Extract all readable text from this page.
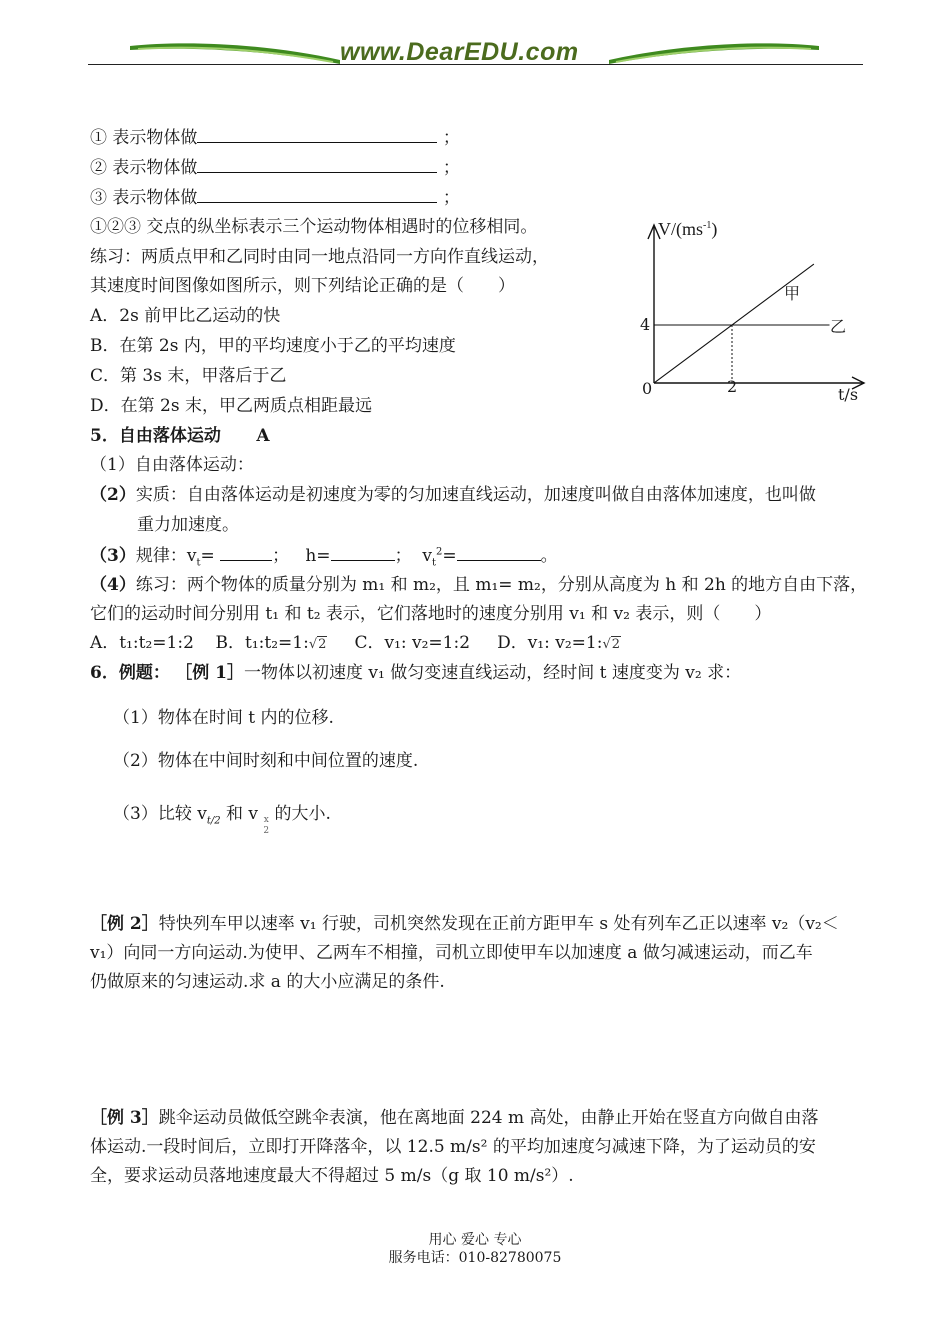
www.DearEDU.com
① 表示物体做	；
② 表示物体做	；
③ 表示物体做	；
①②③ 交点的纵坐标表示三个运动物体相遇时的位移相同。
练习：两质点甲和乙同时由同一地点沿同一方向作直线运动，
其速度时间图像如图所示，则下列结论正确的是（　　）
A．2s 前甲比乙运动的快
B．在第 2s 内，甲的平均速度小于乙的平均速度
C．第 3s 末，甲落后于乙
D．在第 2s 末，甲乙两质点相距最远
$V/(ms^{-1})$
4
2
0	t/s
甲
乙
5．自由落体运动 A
（1）自由落体运动：
（2）实质：自由落体运动是初速度为零的匀加速直线运动，加速度叫做自由落体加速度，也叫做
重力加速度。
（3）规律：$v_t=$	； h=	； $v_t^2=$	。
（4）练习：两个物体的质量分别为 m₁ 和 m₂，且 m₁= m₂，分别从高度为 h 和 2h 的地方自由下落，
它们的运动时间分别用 t₁ 和 t₂ 表示，它们落地时的速度分别用 v₁ 和 v₂ 表示，则（　　）
A．t₁:t₂=1:2 B．t₁:t₂=1:√2 C．v₁: v₂=1:2 D．v₁: v₂=1:√2
6．例题： ［例 1］一物体以初速度 v₁ 做匀变速直线运动，经时间 t 速度变为 v₂ 求：
（1）物体在时间 t 内的位移.
（2）物体在中间时刻和中间位置的速度.
（3）比较 $v_{t/2}$ 和 v x
2
的大小.
［例 2］特快列车甲以速率 v₁ 行驶，司机突然发现在正前方距甲车 s 处有列车乙正以速率 v₂（v₂＜
v₁）向同一方向运动.为使甲、乙两车不相撞，司机立即使甲车以加速度 a 做匀减速运动，而乙车
仍做原来的匀速运动.求 a 的大小应满足的条件.
［例 3］跳伞运动员做低空跳伞表演，他在离地面 224 m 高处，由静止开始在竖直方向做自由落
体运动.一段时间后，立即打开降落伞，以 12.5 m/s² 的平均加速度匀减速下降，为了运动员的安
全，要求运动员落地速度最大不得超过 5 m/s（g 取 10 m/s²）.
用心 爱心 专心
服务电话：010-82780075
